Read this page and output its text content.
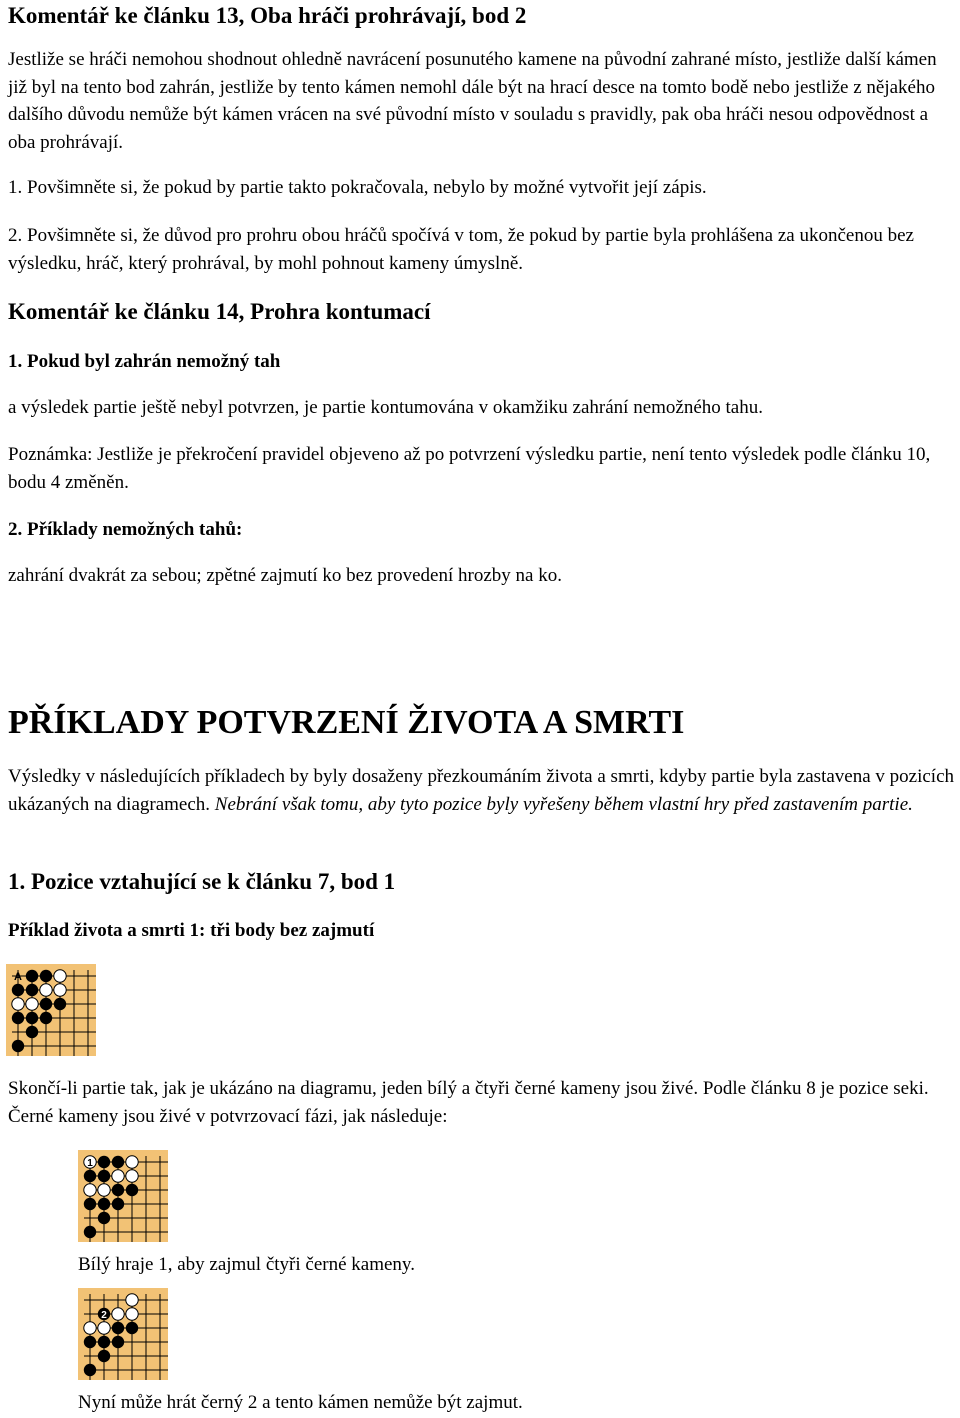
Komentář ke článku 13, Oba hráči prohrávají, bod 2

Jestliže se hráči nemohou shodnout ohledně navrácení posunutého kamene na původní zahrané místo, jestliže další kámen již byl na tento bod zahrán, jestliže by tento kámen nemohl dále být na hrací desce na tomto bodě nebo jestliže z nějakého dalšího důvodu nemůže být kámen vrácen na své původní místo v souladu s pravidly, pak oba hráči nesou odpovědnost a oba prohrávají.

1. Povšimněte si, že pokud by partie takto pokračovala, nebylo by možné vytvořit její zápis.

2. Povšimněte si, že důvod pro prohru obou hráčů spočívá v tom, že pokud by partie byla prohlášena za ukončenou bez výsledku, hráč, který prohrával, by mohl pohnout kameny úmyslně.

Komentář ke článku 14, Prohra kontumací
1. Pokud byl zahrán nemožný tah

a výsledek partie ještě nebyl potvrzen, je partie kontumována v okamžiku zahrání nemožného tahu.

Poznámka: Jestliže je překročení pravidel objeveno až po potvrzení výsledku partie, není tento výsledek podle článku 10, bodu 4 změněn.

2. Příklady nemožných tahů:

zahrání dvakrát za sebou; zpětné zajmutí ko bez provedení hrozby na ko.

PŘÍKLADY POTVRZENÍ ŽIVOTA A SMRTI

Výsledky v následujících příkladech by byly dosaženy přezkoumáním života a smrti, kdyby partie byla zastavena v pozicích ukázaných na diagramech. Nebrání však tomu, aby tyto pozice byly vyřešeny během vlastní hry před zastavením partie.

1. Pozice vztahující se k článku 7, bod 1
Příklad života a smrti 1: tři body bez zajmutí
A

Skončí-li partie tak, jak je ukázáno na diagramu, jeden bílý a čtyři černé kameny jsou živé. Podle článku 8 je pozice seki. Černé kameny jsou živé v potvrzovací fázi, jak následuje:

1

Bílý hraje 1, aby zajmul čtyři černé kameny.

2

Nyní může hrát černý 2 a tento kámen nemůže být zajmut.
